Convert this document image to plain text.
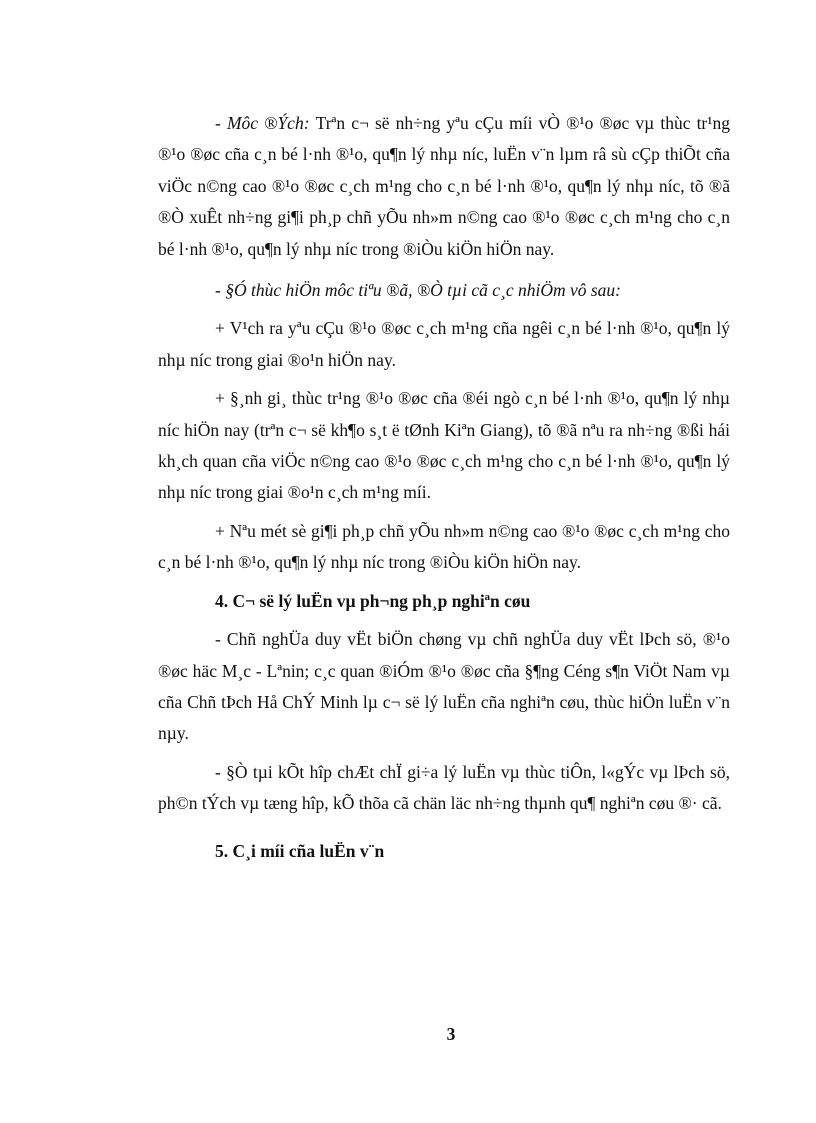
- Môc ®Ých: Trªn c¬ së nh÷ng yªu cÇu míi vÒ ®¹o ®øc vµ thùc tr¹ng ®¹o ®øc cña c¸n bé l·nh ®¹o, qu¶n lý nhµ níc, luËn v¨n lµm râ sù cÇp thiÕt cña viÖc n©ng cao ®¹o ®øc c¸ch m¹ng cho c¸n bé l·nh ®¹o, qu¶n lý nhµ níc, tõ ®ã ®Ò xuÊt nh÷ng gi¶i ph¸p chñ yÕu nh»m n©ng cao ®¹o ®øc c¸ch m¹ng cho c¸n bé l·nh ®¹o, qu¶n lý nhµ níc trong ®iÒu kiÖn hiÖn nay.

- §Ó thùc hiÖn môc tiªu ®ã, ®Ò tµi cã c¸c nhiÖm vô sau:

+ V¹ch ra yªu cÇu ®¹o ®øc c¸ch m¹ng cña ngêi c¸n bé l·nh ®¹o, qu¶n lý nhµ níc trong giai ®o¹n hiÖn nay.

+ §¸nh gi¸ thùc tr¹ng ®¹o ®øc cña ®éi ngò c¸n bé l·nh ®¹o, qu¶n lý nhµ níc hiÖn nay (trªn c¬ së kh¶o s¸t ë tØnh Kiªn Giang), tõ ®ã nªu ra nh÷ng ®ßi hái kh¸ch quan cña viÖc n©ng cao ®¹o ®øc c¸ch m¹ng cho c¸n bé l·nh ®¹o, qu¶n lý nhµ níc trong giai ®o¹n c¸ch m¹ng míi.

+ Nªu mét sè gi¶i ph¸p chñ yÕu nh»m n©ng cao ®¹o ®øc c¸ch m¹ng cho c¸n bé l·nh ®¹o, qu¶n lý nhµ níc trong ®iÒu kiÖn hiÖn nay.

4. C¬ së lý luËn vµ ph¬ng ph¸p nghiªn cøu

- Chñ nghÜa duy vËt biÖn chøng vµ chñ nghÜa duy vËt lÞch sö, ®¹o ®øc häc M¸c - Lªnin; c¸c quan ®iÓm ®¹o ®øc cña §¶ng Céng s¶n ViÖt Nam vµ cña Chñ tÞch Hå ChÝ Minh lµ c¬ së lý luËn cña nghiªn cøu, thùc hiÖn luËn v¨n nµy.

- §Ò tµi kÕt hîp chÆt chÏ gi÷a lý luËn vµ thùc tiÔn, l«gÝc vµ lÞch sö, ph©n tÝch vµ tæng hîp, kÕ thõa cã chän läc nh÷ng thµnh qu¶ nghiªn cøu ®· cã.

5. C¸i míi cña luËn v¨n

3
